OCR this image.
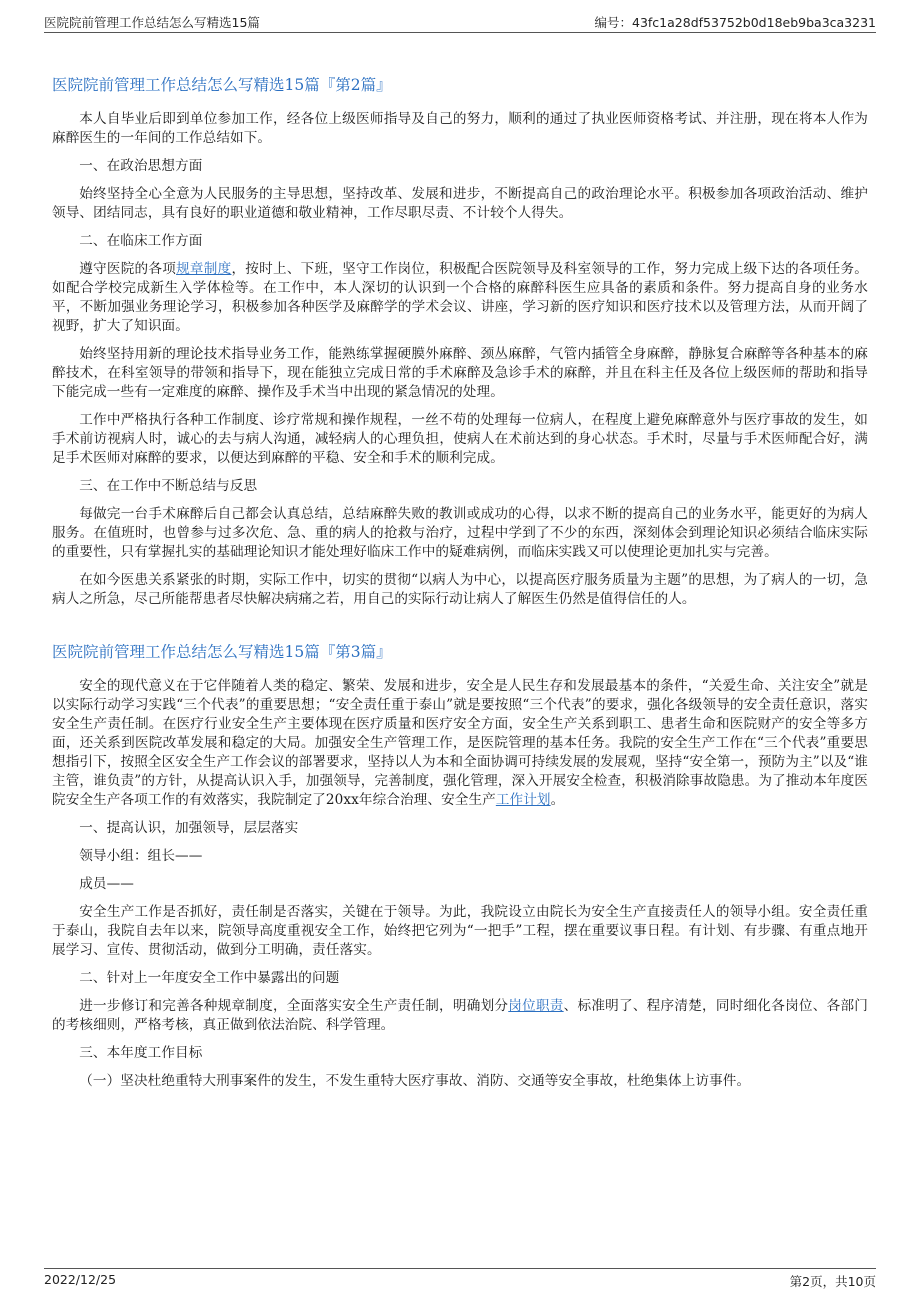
医院院前管理工作总结怎么写精选15篇	编号：43fc1a28df53752b0d18eb9ba3ca3231
医院院前管理工作总结怎么写精选15篇『第2篇』

本人自毕业后即到单位参加工作，经各位上级医师指导及自己的努力，顺利的通过了执业医师资格考试、并注册，现在将本人作为麻醉医生的一年间的工作总结如下。

一、在政治思想方面

始终坚持全心全意为人民服务的主导思想，坚持改革、发展和进步，不断提高自己的政治理论水平。积极参加各项政治活动、维护领导、团结同志，具有良好的职业道德和敬业精神，工作尽职尽责、不计较个人得失。

二、在临床工作方面

遵守医院的各项规章制度，按时上、下班，坚守工作岗位，积极配合医院领导及科室领导的工作，努力完成上级下达的各项任务。如配合学校完成新生入学体检等。在工作中，本人深切的认识到一个合格的麻醉科医生应具备的素质和条件。努力提高自身的业务水平，不断加强业务理论学习，积极参加各种医学及麻醉学的学术会议、讲座，学习新的医疗知识和医疗技术以及管理方法，从而开阔了视野，扩大了知识面。

始终坚持用新的理论技术指导业务工作，能熟练掌握硬膜外麻醉、颈丛麻醉，气管内插管全身麻醉，静脉复合麻醉等各种基本的麻醉技术，在科室领导的带领和指导下，现在能独立完成日常的手术麻醉及急诊手术的麻醉，并且在科主任及各位上级医师的帮助和指导下能完成一些有一定难度的麻醉、操作及手术当中出现的紧急情况的处理。

工作中严格执行各种工作制度、诊疗常规和操作规程，一丝不苟的处理每一位病人，在程度上避免麻醉意外与医疗事故的发生，如手术前访视病人时，诚心的去与病人沟通，减轻病人的心理负担，使病人在术前达到的身心状态。手术时，尽量与手术医师配合好，满足手术医师对麻醉的要求，以便达到麻醉的平稳、安全和手术的顺利完成。

三、在工作中不断总结与反思

每做完一台手术麻醉后自己都会认真总结，总结麻醉失败的教训或成功的心得，以求不断的提高自己的业务水平，能更好的为病人服务。在值班时，也曾参与过多次危、急、重的病人的抢救与治疗，过程中学到了不少的东西，深刻体会到理论知识必须结合临床实际的重要性，只有掌握扎实的基础理论知识才能处理好临床工作中的疑难病例，而临床实践又可以使理论更加扎实与完善。

在如今医患关系紧张的时期，实际工作中，切实的贯彻“以病人为中心，以提高医疗服务质量为主题”的思想，为了病人的一切，急病人之所急，尽己所能帮患者尽快解决病痛之若，用自己的实际行动让病人了解医生仍然是值得信任的人。

医院院前管理工作总结怎么写精选15篇『第3篇』

安全的现代意义在于它伴随着人类的稳定、繁荣、发展和进步，安全是人民生存和发展最基本的条件，“关爱生命、关注安全”就是以实际行动学习实践“三个代表”的重要思想；“安全责任重于泰山”就是要按照“三个代表”的要求，强化各级领导的安全责任意识，落实安全生产责任制。在医疗行业安全生产主要体现在医疗质量和医疗安全方面，安全生产关系到职工、患者生命和医院财产的安全等多方面，还关系到医院改革发展和稳定的大局。加强安全生产管理工作，是医院管理的基本任务。我院的安全生产工作在“三个代表”重要思想指引下，按照全区安全生产工作会议的部署要求，坚持以人为本和全面协调可持续发展的发展观，坚持“安全第一，预防为主”以及“谁主管，谁负责”的方针，从提高认识入手，加强领导，完善制度，强化管理，深入开展安全检查，积极消除事故隐患。为了推动本年度医院安全生产各项工作的有效落实，我院制定了20xx年综合治理、安全生产工作计划。

一、提高认识，加强领导，层层落实

领导小组：组长——

成员——

安全生产工作是否抓好，责任制是否落实，关键在于领导。为此，我院设立由院长为安全生产直接责任人的领导小组。安全责任重于泰山，我院自去年以来，院领导高度重视安全工作，始终把它列为“一把手”工程，摆在重要议事日程。有计划、有步骤、有重点地开展学习、宣传、贯彻活动，做到分工明确，责任落实。

二、针对上一年度安全工作中暴露出的问题

进一步修订和完善各种规章制度，全面落实安全生产责任制，明确划分岗位职责、标准明了、程序清楚，同时细化各岗位、各部门的考核细则，严格考核，真正做到依法治院、科学管理。

三、本年度工作目标

（一）坚决杜绝重特大刑事案件的发生，不发生重特大医疗事故、消防、交通等安全事故，杜绝集体上访事件。

2022/12/25	第2页，共10页
